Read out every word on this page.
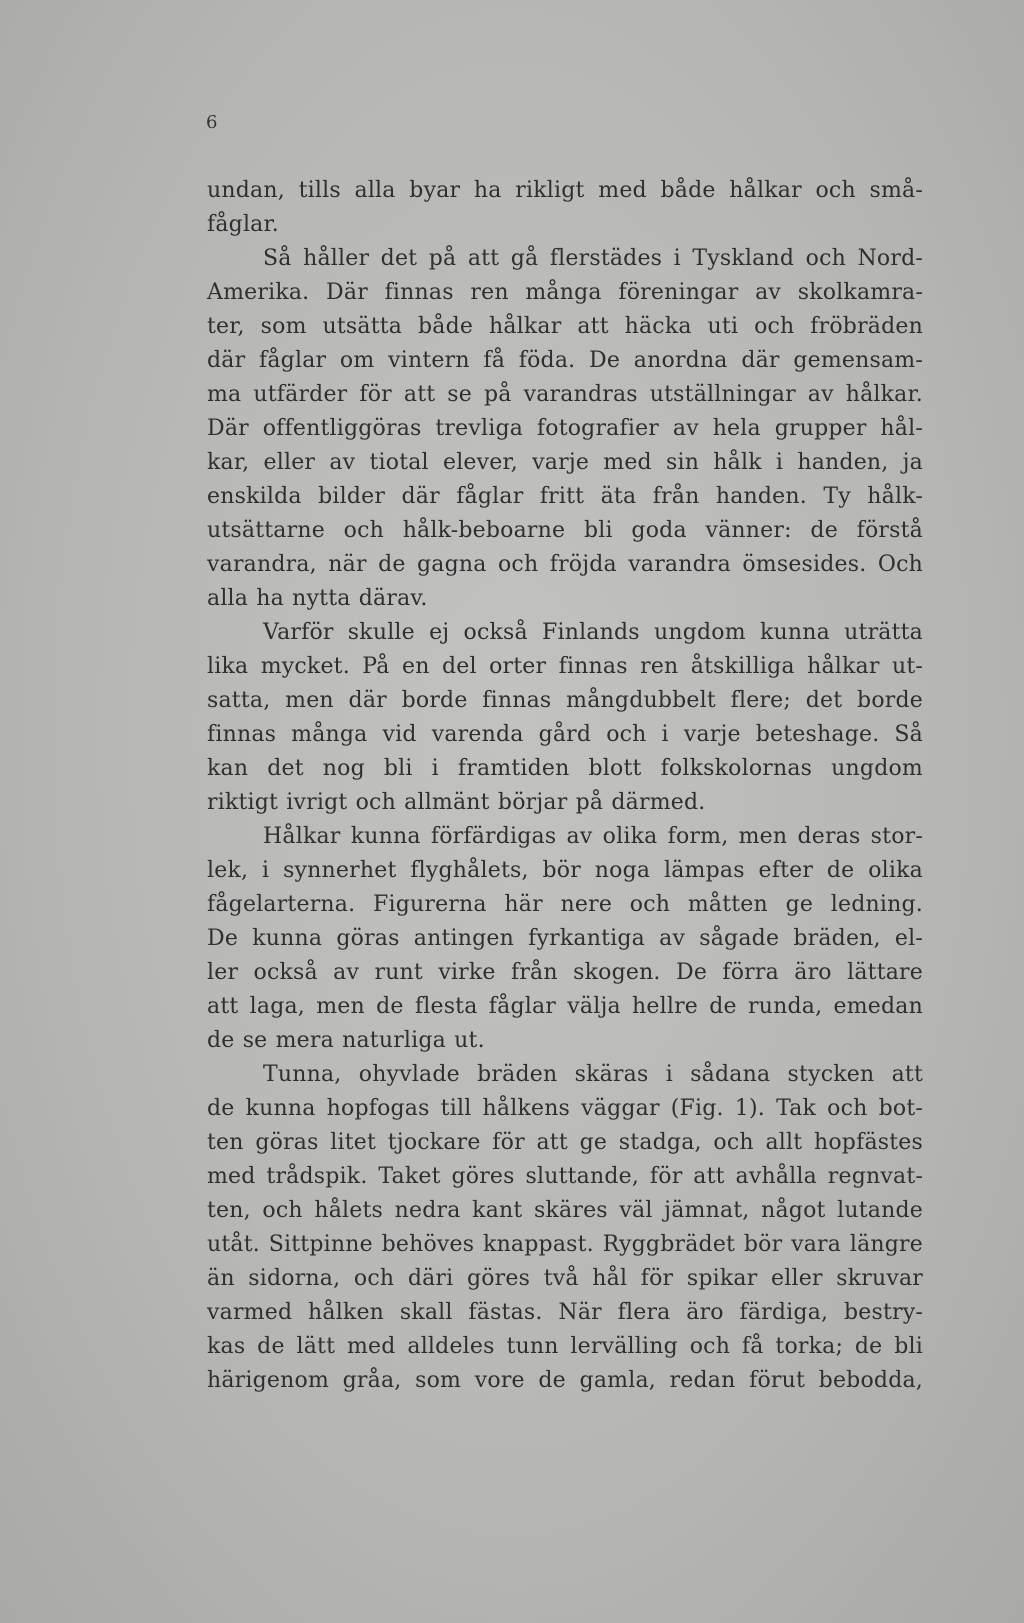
6
undan, tills alla byar ha rikligt med både hålkar och små-
fåglar.
Så håller det på att gå flerstädes i Tyskland och Nord-
Amerika. Där finnas ren många föreningar av skolkamra-
ter, som utsätta både hålkar att häcka uti och fröbräden
där fåglar om vintern få föda. De anordna där gemensam-
ma utfärder för att se på varandras utställningar av hålkar.
Där offentliggöras trevliga fotografier av hela grupper hål-
kar, eller av tiotal elever, varje med sin hålk i handen, ja
enskilda bilder där fåglar fritt äta från handen. Ty hålk-
utsättarne och hålk-beboarne bli goda vänner: de förstå
varandra, när de gagna och fröjda varandra ömsesides. Och
alla ha nytta därav.
Varför skulle ej också Finlands ungdom kunna uträtta
lika mycket. På en del orter finnas ren åtskilliga hålkar ut-
satta, men där borde finnas mångdubbelt flere; det borde
finnas många vid varenda gård och i varje beteshage. Så
kan det nog bli i framtiden blott folkskolornas ungdom
riktigt ivrigt och allmänt börjar på därmed.
Hålkar kunna förfärdigas av olika form, men deras stor-
lek, i synnerhet flyghålets, bör noga lämpas efter de olika
fågelarterna. Figurerna här nere och måtten ge ledning.
De kunna göras antingen fyrkantiga av sågade bräden, el-
ler också av runt virke från skogen. De förra äro lättare
att laga, men de flesta fåglar välja hellre de runda, emedan
de se mera naturliga ut.
Tunna, ohyvlade bräden skäras i sådana stycken att
de kunna hopfogas till hålkens väggar (Fig. 1). Tak och bot-
ten göras litet tjockare för att ge stadga, och allt hopfästes
med trådspik. Taket göres sluttande, för att avhålla regnvat-
ten, och hålets nedra kant skäres väl jämnat, något lutande
utåt. Sittpinne behöves knappast. Ryggbrädet bör vara längre
än sidorna, och däri göres två hål för spikar eller skruvar
varmed hålken skall fästas. När flera äro färdiga, bestry-
kas de lätt med alldeles tunn lervälling och få torka; de bli
härigenom gråa, som vore de gamla, redan förut bebodda,
